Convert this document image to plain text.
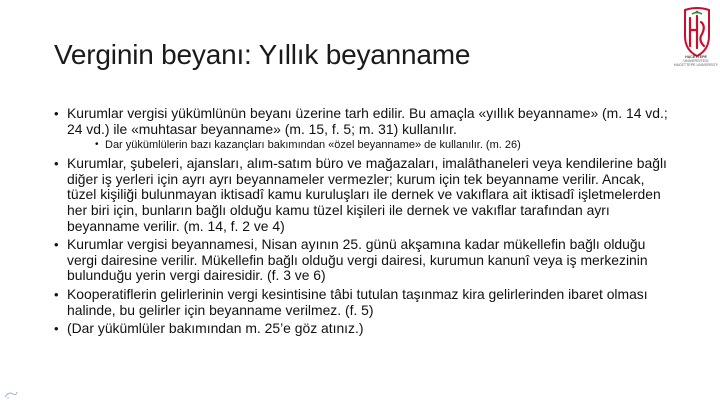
Verginin beyanı: Yıllık beyanname	HACETTEPE
ÜNİVERSİTESİ
HACETTEPE UNIVERSITY
• Kurumlar vergisi yükümlünün beyanı üzerine tarh edilir. Bu amaçla «yıllık beyanname» (m. 14 vd.; 24 vd.) ile «muhtasar beyanname» (m. 15, f. 5; m. 31) kullanılır.
• Dar yükümlülerin bazı kazançları bakımından «özel beyanname» de kullanılır. (m. 26)
• Kurumlar, şubeleri, ajansları, alım-satım büro ve mağazaları, imalâthaneleri veya kendilerine bağlı diğer iş yerleri için ayrı ayrı beyannameler vermezler; kurum için tek beyanname verilir. Ancak, tüzel kişiliği bulunmayan iktisadî kamu kuruluşları ile dernek ve vakıflara ait iktisadî işletmelerden her biri için, bunların bağlı olduğu kamu tüzel kişileri ile dernek ve vakıflar tarafından ayrı beyanname verilir. (m. 14, f. 2 ve 4)
• Kurumlar vergisi beyannamesi, Nisan ayının 25. günü akşamına kadar mükellefin bağlı olduğu vergi dairesine verilir. Mükellefin bağlı olduğu vergi dairesi, kurumun kanunî veya iş merkezinin bulunduğu yerin vergi dairesidir. (f. 3 ve 6)
• Kooperatiflerin gelirlerinin vergi kesintisine tâbi tutulan taşınmaz kira gelirlerinden ibaret olması halinde, bu gelirler için beyanname verilmez. (f. 5)
• (Dar yükümlüler bakımından m. 25’e göz atınız.)
